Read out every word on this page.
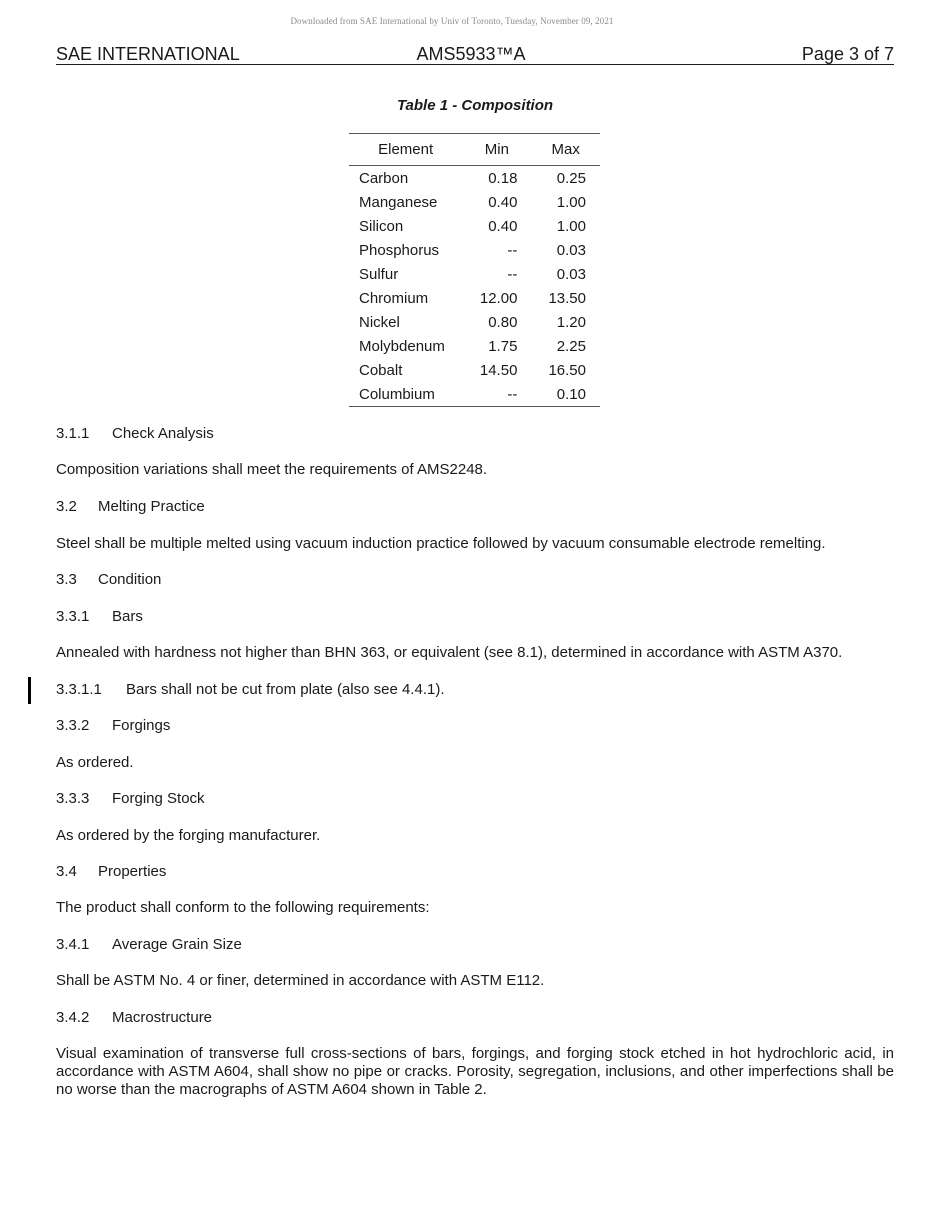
Downloaded from SAE International by Univ of Toronto, Tuesday, November 09, 2021
SAE INTERNATIONAL	AMS5933™A	Page 3 of 7
Table 1 - Composition
Element	Min	Max
Carbon	0.18	0.25
Manganese	0.40	1.00
Silicon	0.40	1.00
Phosphorus	--	0.03
Sulfur	--	0.03
Chromium	12.00	13.50
Nickel	0.80	1.20
Molybdenum	1.75	2.25
Cobalt	14.50	16.50
Columbium	--	0.10
3.1.1 Check Analysis
Composition variations shall meet the requirements of AMS2248.
3.2 Melting Practice
Steel shall be multiple melted using vacuum induction practice followed by vacuum consumable electrode remelting.
3.3 Condition
3.3.1 Bars
Annealed with hardness not higher than BHN 363, or equivalent (see 8.1), determined in accordance with ASTM A370.
3.3.1.1 Bars shall not be cut from plate (also see 4.4.1).
3.3.2 Forgings
As ordered.
3.3.3 Forging Stock
As ordered by the forging manufacturer.
3.4 Properties
The product shall conform to the following requirements:
3.4.1 Average Grain Size
Shall be ASTM No. 4 or finer, determined in accordance with ASTM E112.
3.4.2 Macrostructure
Visual examination of transverse full cross-sections of bars, forgings, and forging stock etched in hot hydrochloric acid, in accordance with ASTM A604, shall show no pipe or cracks. Porosity, segregation, inclusions, and other imperfections shall be no worse than the macrographs of ASTM A604 shown in Table 2.
